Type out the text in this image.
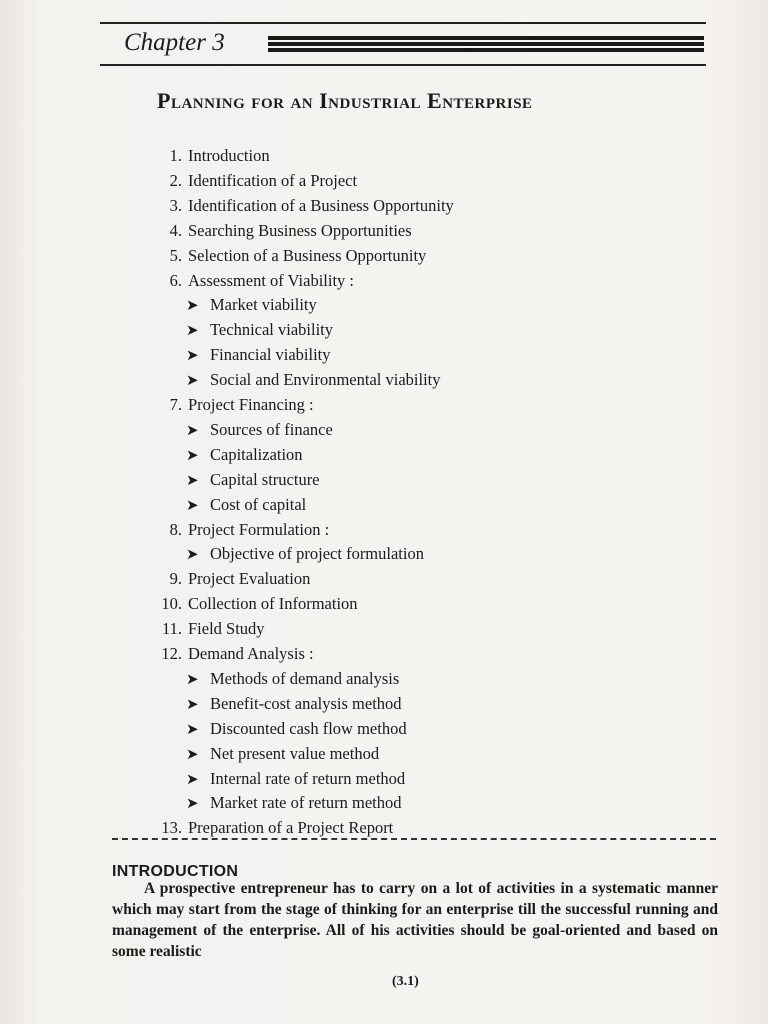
Chapter 3
Planning for an Industrial Enterprise
1. Introduction
2. Identification of a Project
3. Identification of a Business Opportunity
4. Searching Business Opportunities
5. Selection of a Business Opportunity
6. Assessment of Viability :
➤ Market viability
➤ Technical viability
➤ Financial viability
➤ Social and Environmental viability
7. Project Financing :
➤ Sources of finance
➤ Capitalization
➤ Capital structure
➤ Cost of capital
8. Project Formulation :
➤ Objective of project formulation
9. Project Evaluation
10. Collection of Information
11. Field Study
12. Demand Analysis :
➤ Methods of demand analysis
➤ Benefit-cost analysis method
➤ Discounted cash flow method
➤ Net present value method
➤ Internal rate of return method
➤ Market rate of return method
13. Preparation of a Project Report
INTRODUCTION
A prospective entrepreneur has to carry on a lot of activities in a systematic manner which may start from the stage of thinking for an enterprise till the successful running and management of the enterprise. All of his activities should be goal-oriented and based on some realistic
(3.1)
